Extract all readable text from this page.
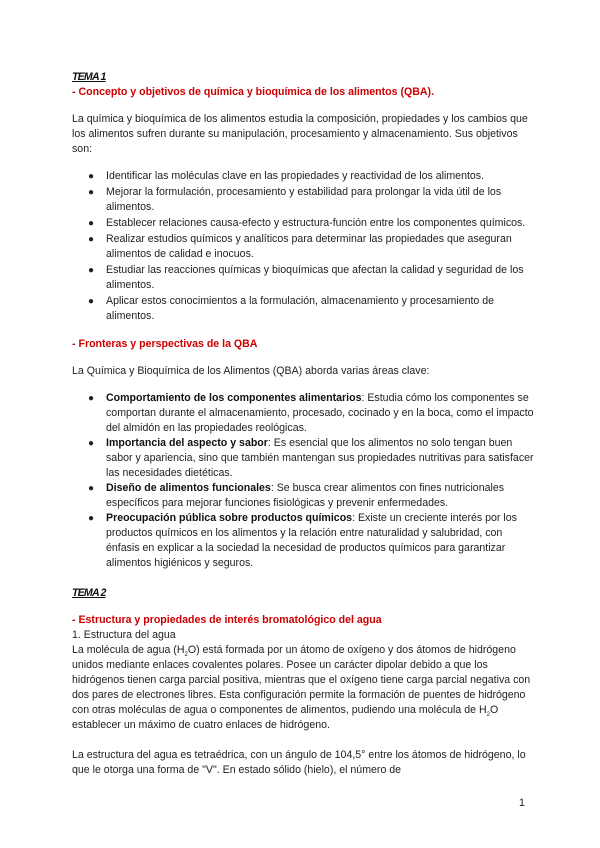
TEMA 1

- Concepto y objetivos de química y bioquímica de los alimentos (QBA).

La química y bioquímica de los alimentos estudia la composición, propiedades y los cambios que los alimentos sufren durante su manipulación, procesamiento y almacenamiento. Sus objetivos son:

● Identificar las moléculas clave en las propiedades y reactividad de los alimentos.
● Mejorar la formulación, procesamiento y estabilidad para prolongar la vida útil de los alimentos.
● Establecer relaciones causa-efecto y estructura-función entre los componentes químicos.
● Realizar estudios químicos y analíticos para determinar las propiedades que aseguran alimentos de calidad e inocuos.
● Estudiar las reacciones químicas y bioquímicas que afectan la calidad y seguridad de los alimentos.
● Aplicar estos conocimientos a la formulación, almacenamiento y procesamiento de alimentos.

- Fronteras y perspectivas de la QBA

La Química y Bioquímica de los Alimentos (QBA) aborda varias áreas clave:

● Comportamiento de los componentes alimentarios: Estudia cómo los componentes se comportan durante el almacenamiento, procesado, cocinado y en la boca, como el impacto del almidón en las propiedades reológicas.
● Importancia del aspecto y sabor: Es esencial que los alimentos no solo tengan buen sabor y apariencia, sino que también mantengan sus propiedades nutritivas para satisfacer las necesidades dietéticas.
● Diseño de alimentos funcionales: Se busca crear alimentos con fines nutricionales específicos para mejorar funciones fisiológicas y prevenir enfermedades.
● Preocupación pública sobre productos químicos: Existe un creciente interés por los productos químicos en los alimentos y la relación entre naturalidad y salubridad, con énfasis en explicar a la sociedad la necesidad de productos químicos para garantizar alimentos higiénicos y seguros.

TEMA 2

- Estructura y propiedades de interés bromatológico del agua

1. Estructura del agua

La molécula de agua $(H_2O)$ está formada por un átomo de oxígeno y dos átomos de hidrógeno unidos mediante enlaces covalentes polares. Posee un carácter dipolar debido a que los hidrógenos tienen carga parcial positiva, mientras que el oxígeno tiene carga parcial negativa con dos pares de electrones libres. Esta configuración permite la formación de puentes de hidrógeno con otras moléculas de agua o componentes de alimentos, pudiendo una molécula de $H_2O$ establecer un máximo de cuatro enlaces de hidrógeno.

La estructura del agua es tetraédrica, con un ángulo de 104,5° entre los átomos de hidrógeno, lo que le otorga una forma de "V". En estado sólido (hielo), el número de

1
